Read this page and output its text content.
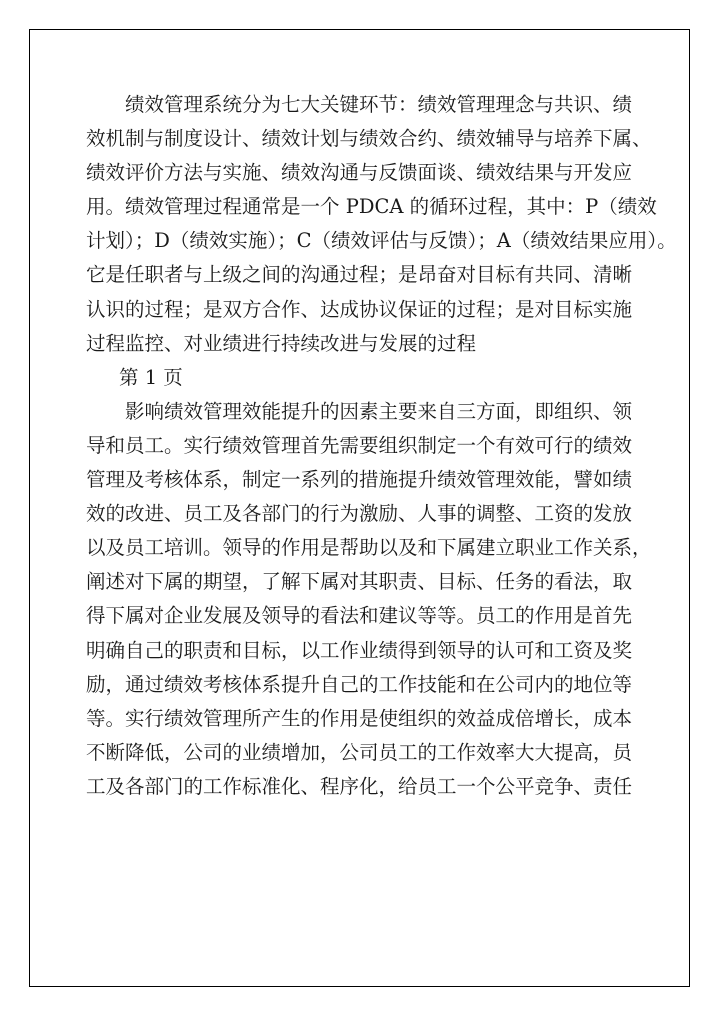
绩效管理系统分为七大关键环节：绩效管理理念与共识、绩
效机制与制度设计、绩效计划与绩效合约、绩效辅导与培养下属、
绩效评价方法与实施、绩效沟通与反馈面谈、绩效结果与开发应
用。绩效管理过程通常是一个 PDCA 的循环过程，其中：P（绩效
计划）；D（绩效实施）；C（绩效评估与反馈）；A（绩效结果应用）。
它是任职者与上级之间的沟通过程；是昂奋对目标有共同、清晰
认识的过程；是双方合作、达成协议保证的过程；是对目标实施
过程监控、对业绩进行持续改进与发展的过程
第 1 页
影响绩效管理效能提升的因素主要来自三方面，即组织、领
导和员工。实行绩效管理首先需要组织制定一个有效可行的绩效
管理及考核体系，制定一系列的措施提升绩效管理效能，譬如绩
效的改进、员工及各部门的行为激励、人事的调整、工资的发放
以及员工培训。领导的作用是帮助以及和下属建立职业工作关系，
阐述对下属的期望，了解下属对其职责、目标、任务的看法，取
得下属对企业发展及领导的看法和建议等等。员工的作用是首先
明确自己的职责和目标，以工作业绩得到领导的认可和工资及奖
励，通过绩效考核体系提升自己的工作技能和在公司内的地位等
等。实行绩效管理所产生的作用是使组织的效益成倍增长，成本
不断降低，公司的业绩增加，公司员工的工作效率大大提高，员
工及各部门的工作标准化、程序化，给员工一个公平竞争、责任
